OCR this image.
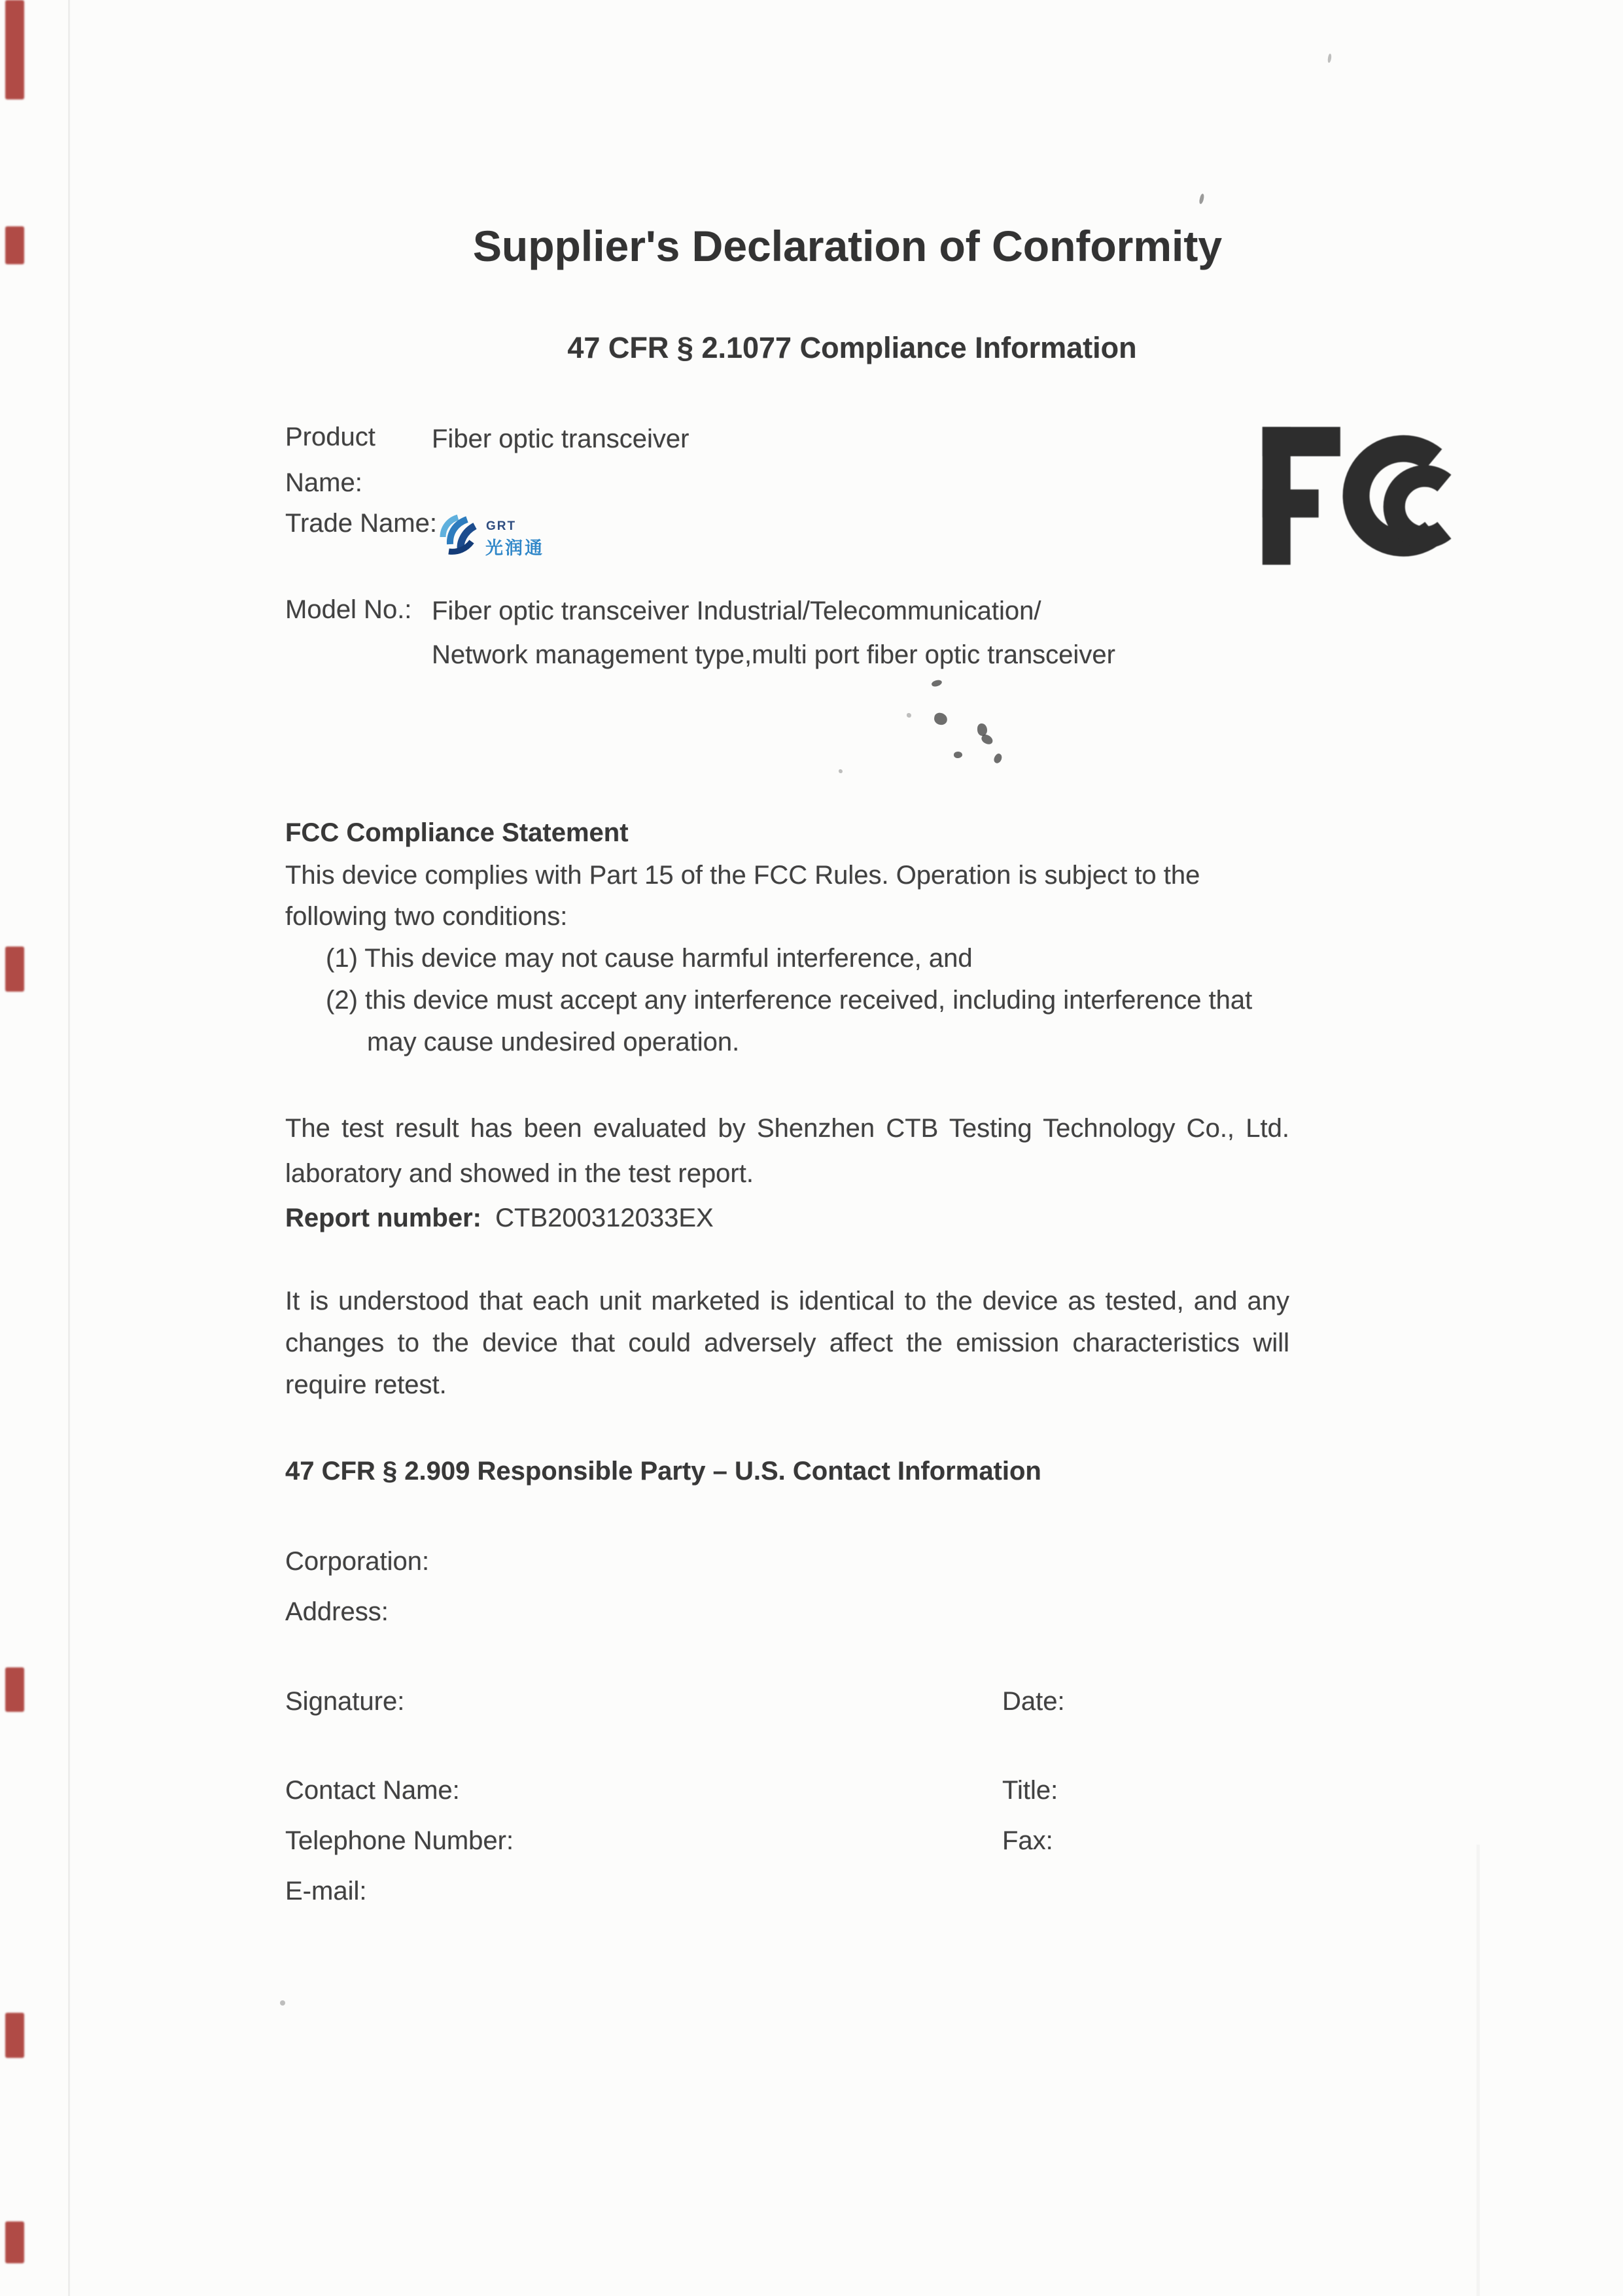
Supplier's Declaration of Conformity
47 CFR § 2.1077 Compliance Information
Product Name:
Fiber optic transceiver
Trade Name:	GRT
光润通
Model No.: Fiber optic transceiver Industrial/Telecommunication/
Network management type,multi port fiber optic transceiver
FCC Compliance Statement
This device complies with Part 15 of the FCC Rules. Operation is subject to the
following two conditions:
(1) This device may not cause harmful interference, and
(2) this device must accept any interference received, including interference that
may cause undesired operation.
The test result has been evaluated by Shenzhen CTB Testing Technology Co., Ltd.
laboratory and showed in the test report.
Report number: CTB200312033EX
It is understood that each unit marketed is identical to the device as tested, and any
changes to the device that could adversely affect the emission characteristics will
require retest.
47 CFR § 2.909 Responsible Party – U.S. Contact Information
Corporation:
Address:
Signature:	Date:
Contact Name:	Title:
Telephone Number:	Fax:
E-mail:
